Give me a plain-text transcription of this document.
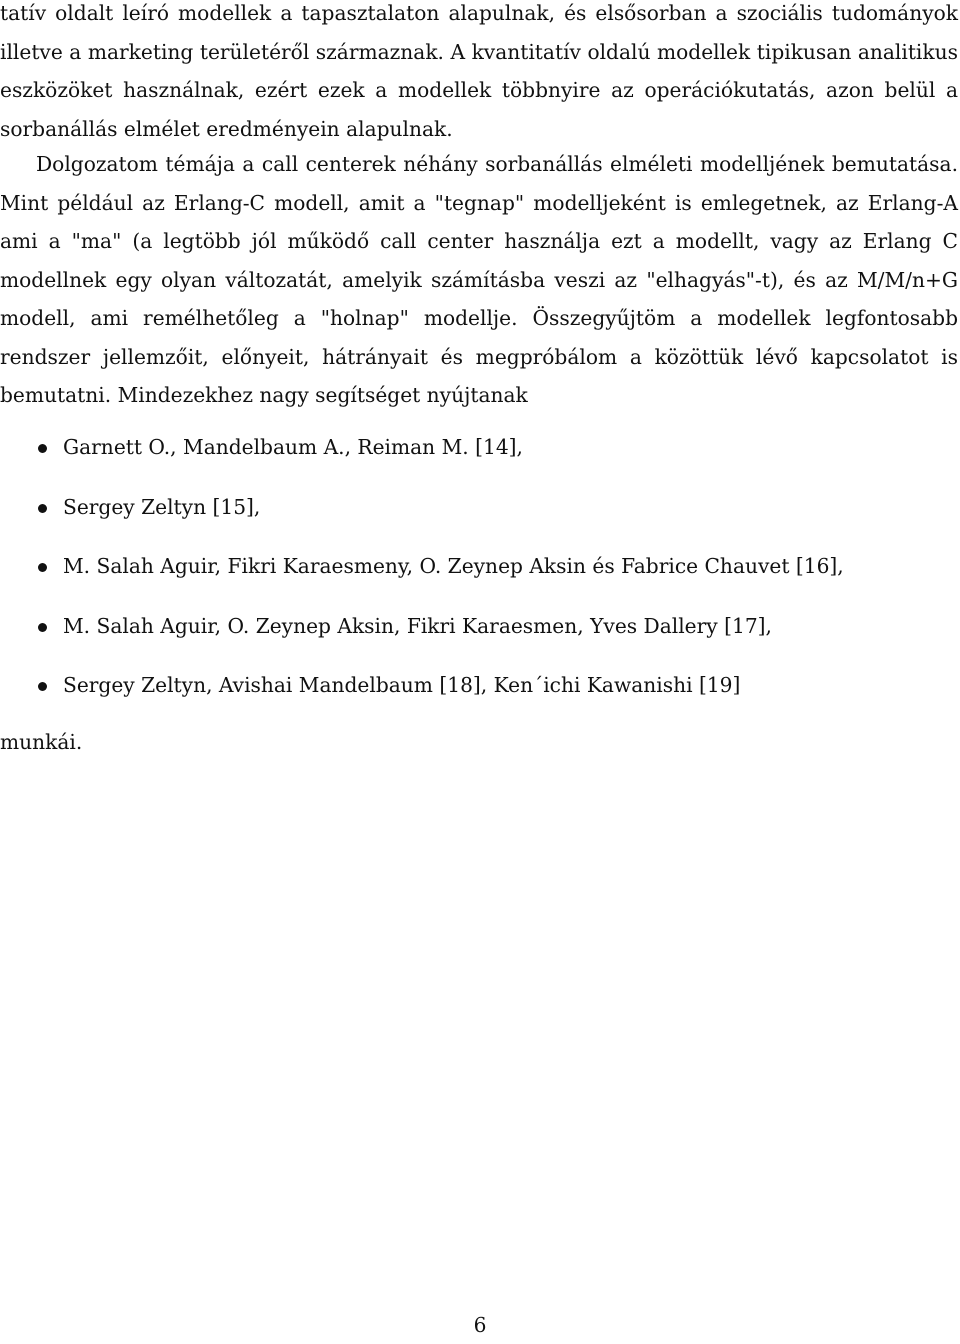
tatív oldalt leíró modellek a tapasztalaton alapulnak, és elsősorban a szociális tudományok illetve a marketing területéről származnak. A kvantitatív oldalú modellek tipikusan analitikus eszközöket használnak, ezért ezek a modellek többnyire az operációkutatás, azon belül a sorbanállás elmélet eredményein alapulnak.

Dolgozatom témája a call centerek néhány sorbanállás elméleti modelljének bemutatása. Mint például az Erlang-C modell, amit a "tegnap" modelljeként is emlegetnek, az Erlang-A ami a "ma" (a legtöbb jól működő call center használja ezt a modellt, vagy az Erlang C modellnek egy olyan változatát, amelyik számításba veszi az "elhagyás"-t), és az M/M/n+G modell, ami remélhetőleg a "holnap" modellje. Összegyűjtöm a modellek legfontosabb rendszer jellemzőit, előnyeit, hátrányait és megpróbálom a közöttük lévő kapcsolatot is bemutatni. Mindezekhez nagy segítséget nyújtanak

Garnett O., Mandelbaum A., Reiman M. [14],
Sergey Zeltyn [15],
M. Salah Aguir, Fikri Karaesmeny, O. Zeynep Aksin és Fabrice Chauvet [16],
M. Salah Aguir, O. Zeynep Aksin, Fikri Karaesmen, Yves Dallery [17],
Sergey Zeltyn, Avishai Mandelbaum [18], Ken´ichi Kawanishi [19]

munkái.

6
